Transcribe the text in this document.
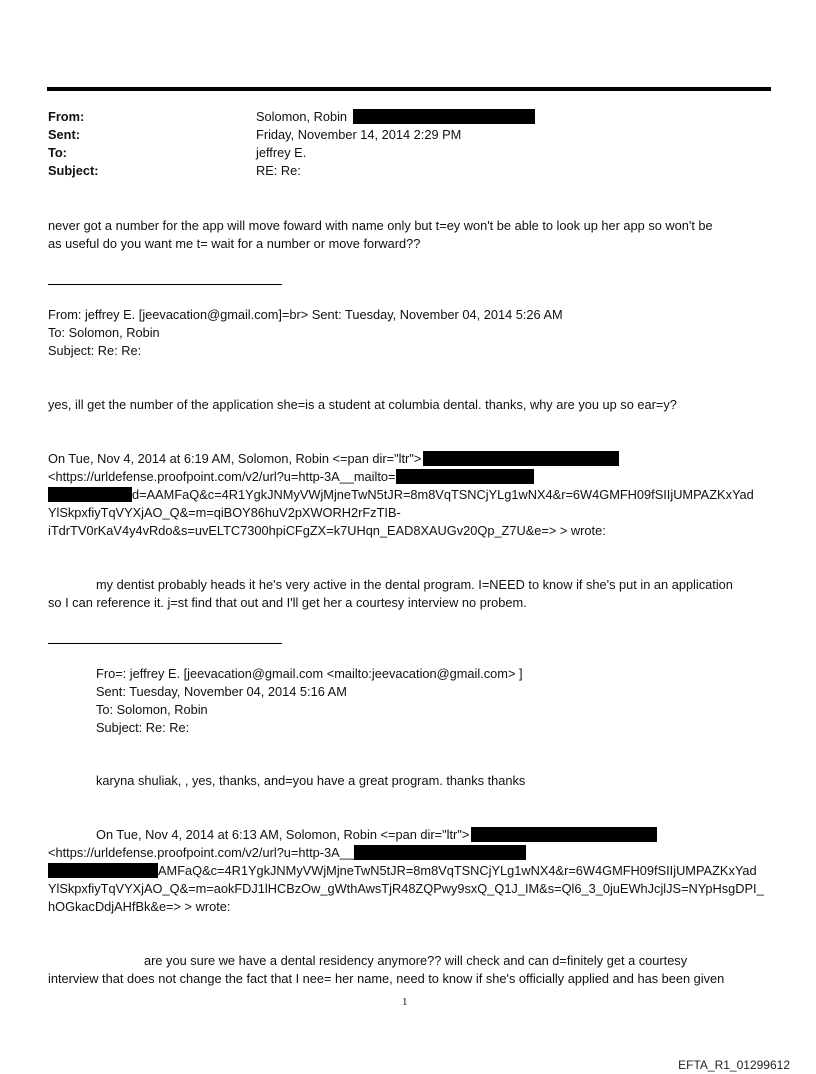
From:	Solomon, Robin
Sent:	Friday, November 14, 2014 2:29 PM
To:	jeffrey E.
Subject:	RE: Re:
never got a number for the app will move foward with name only but t=ey won't be able to look up her app so won't be
as useful do you want me t= wait for a number or move forward??
From: jeffrey E. [jeevacation@gmail.com]=br> Sent: Tuesday, November 04, 2014 5:26 AM
To: Solomon, Robin
Subject: Re: Re:
yes, ill get the number of the application she=is a student at columbia dental. thanks, why are you up so ear=y?
On Tue, Nov 4, 2014 at 6:19 AM, Solomon, Robin <=pan dir="ltr">
<https://urldefense.proofpoint.com/v2/url?u=http-3A__mailto=
d=AAMFaQ&c=4R1YgkJNMyVWjMjneTwN5tJR=8m8VqTSNCjYLg1wNX4&r=6W4GMFH09fSIIjUMPAZKxYad
YlSkpxfiyTqVYXjAO_Q&=m=qiBOY86huV2pXWORH2rFzTIB-
iTdrTV0rKaV4y4vRdo&s=uvELTC7300hpiCFgZX=k7UHqn_EAD8XAUGv20Qp_Z7U&e=> > wrote:
my dentist probably heads it he's very active in the dental program. I=NEED to know if she's put in an application
so I can reference it. j=st find that out and I'll get her a courtesy interview no probem.
Fro=: jeffrey E. [jeevacation@gmail.com <mailto:jeevacation@gmail.com> ]
Sent: Tuesday, November 04, 2014 5:16 AM
To: Solomon, Robin
Subject: Re: Re:
karyna shuliak, , yes, thanks, and=you have a great program. thanks thanks
On Tue, Nov 4, 2014 at 6:13 AM, Solomon, Robin <=pan dir="ltr">
<https://urldefense.proofpoint.com/v2/url?u=http-3A__
AMFaQ&c=4R1YgkJNMyVWjMjneTwN5tJR=8m8VqTSNCjYLg1wNX4&r=6W4GMFH09fSIIjUMPAZKxYad
YlSkpxfiyTqVYXjAO_Q&=m=aokFDJ1lHCBzOw_gWthAwsTjR48ZQPwy9sxQ_Q1J_IM&s=Ql6_3_0juEWhJcjlJS=NYpHsgDPI_
hOGkacDdjAHfBk&e=> > wrote:
are you sure we have a dental residency anymore?? will check and can d=finitely get a courtesy
interview that does not change the fact that I nee= her name, need to know if she's officially applied and has been given
1
EFTA_R1_01299612
